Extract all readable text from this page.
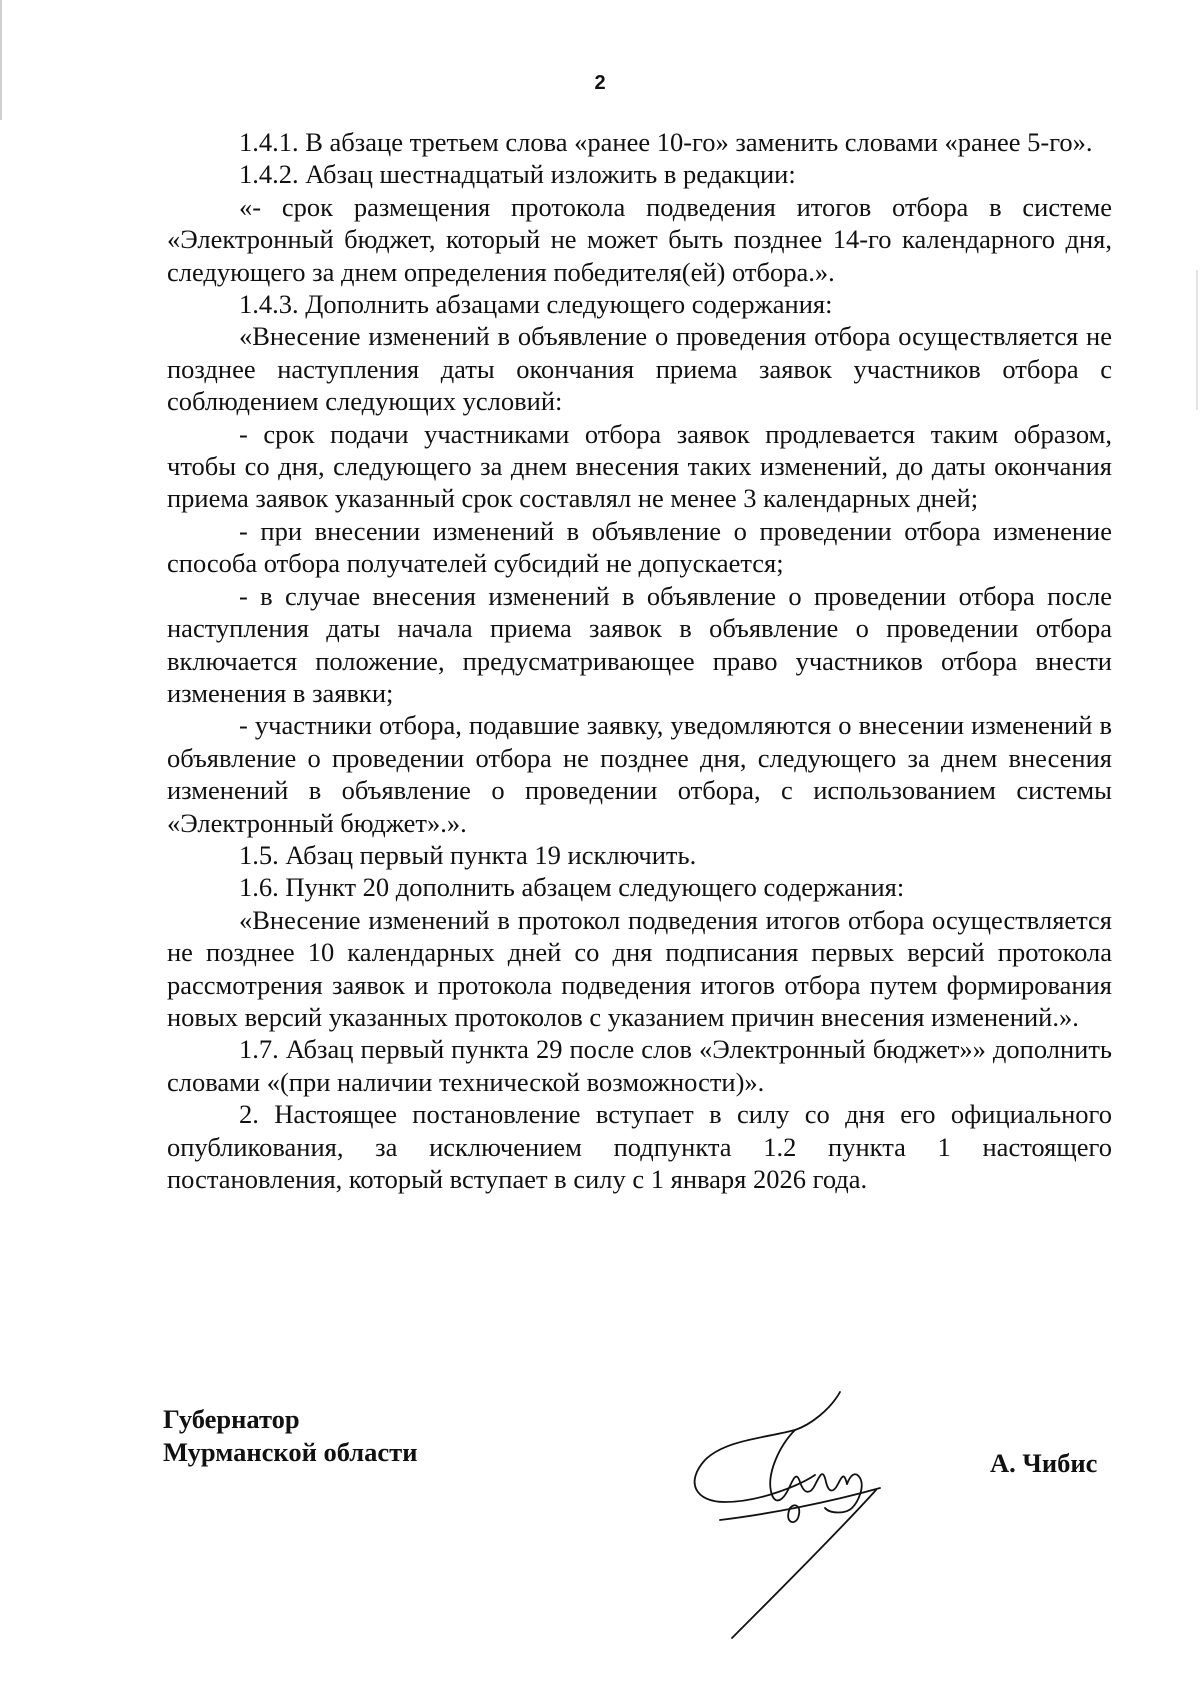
2

1.4.1. В абзаце третьем слова «ранее 10-го» заменить словами «ранее 5-го».

1.4.2. Абзац шестнадцатый изложить в редакции:

«- срок размещения протокола подведения итогов отбора в системе «Электронный бюджет, который не может быть позднее 14-го календарного дня, следующего за днем определения победителя(ей) отбора.».

1.4.3. Дополнить абзацами следующего содержания:

«Внесение изменений в объявление о проведения отбора осуществляется не позднее наступления даты окончания приема заявок участников отбора с соблюдением следующих условий:

- срок подачи участниками отбора заявок продлевается таким образом, чтобы со дня, следующего за днем внесения таких изменений, до даты окончания приема заявок указанный срок составлял не менее 3 календарных дней;

- при внесении изменений в объявление о проведении отбора изменение способа отбора получателей субсидий не допускается;

- в случае внесения изменений в объявление о проведении отбора после наступления даты начала приема заявок в объявление о проведении отбора включается положение, предусматривающее право участников отбора внести изменения в заявки;

- участники отбора, подавшие заявку, уведомляются о внесении изменений в объявление о проведении отбора не позднее дня, следующего за днем внесения изменений в объявление о проведении отбора, с использованием системы «Электронный бюджет».».

1.5. Абзац первый пункта 19 исключить.

1.6. Пункт 20 дополнить абзацем следующего содержания:

«Внесение изменений в протокол подведения итогов отбора осуществляется не позднее 10 календарных дней со дня подписания первых версий протокола рассмотрения заявок и протокола подведения итогов отбора путем формирования новых версий указанных протоколов с указанием причин внесения изменений.».

1.7. Абзац первый пункта 29 после слов «Электронный бюджет»» дополнить словами «(при наличии технической возможности)».

2. Настоящее постановление вступает в силу со дня его официального опубликования, за исключением подпункта 1.2 пункта 1 настоящего постановления, который вступает в силу с 1 января 2026 года.

Губернатор
Мурманской области	А. Чибис
